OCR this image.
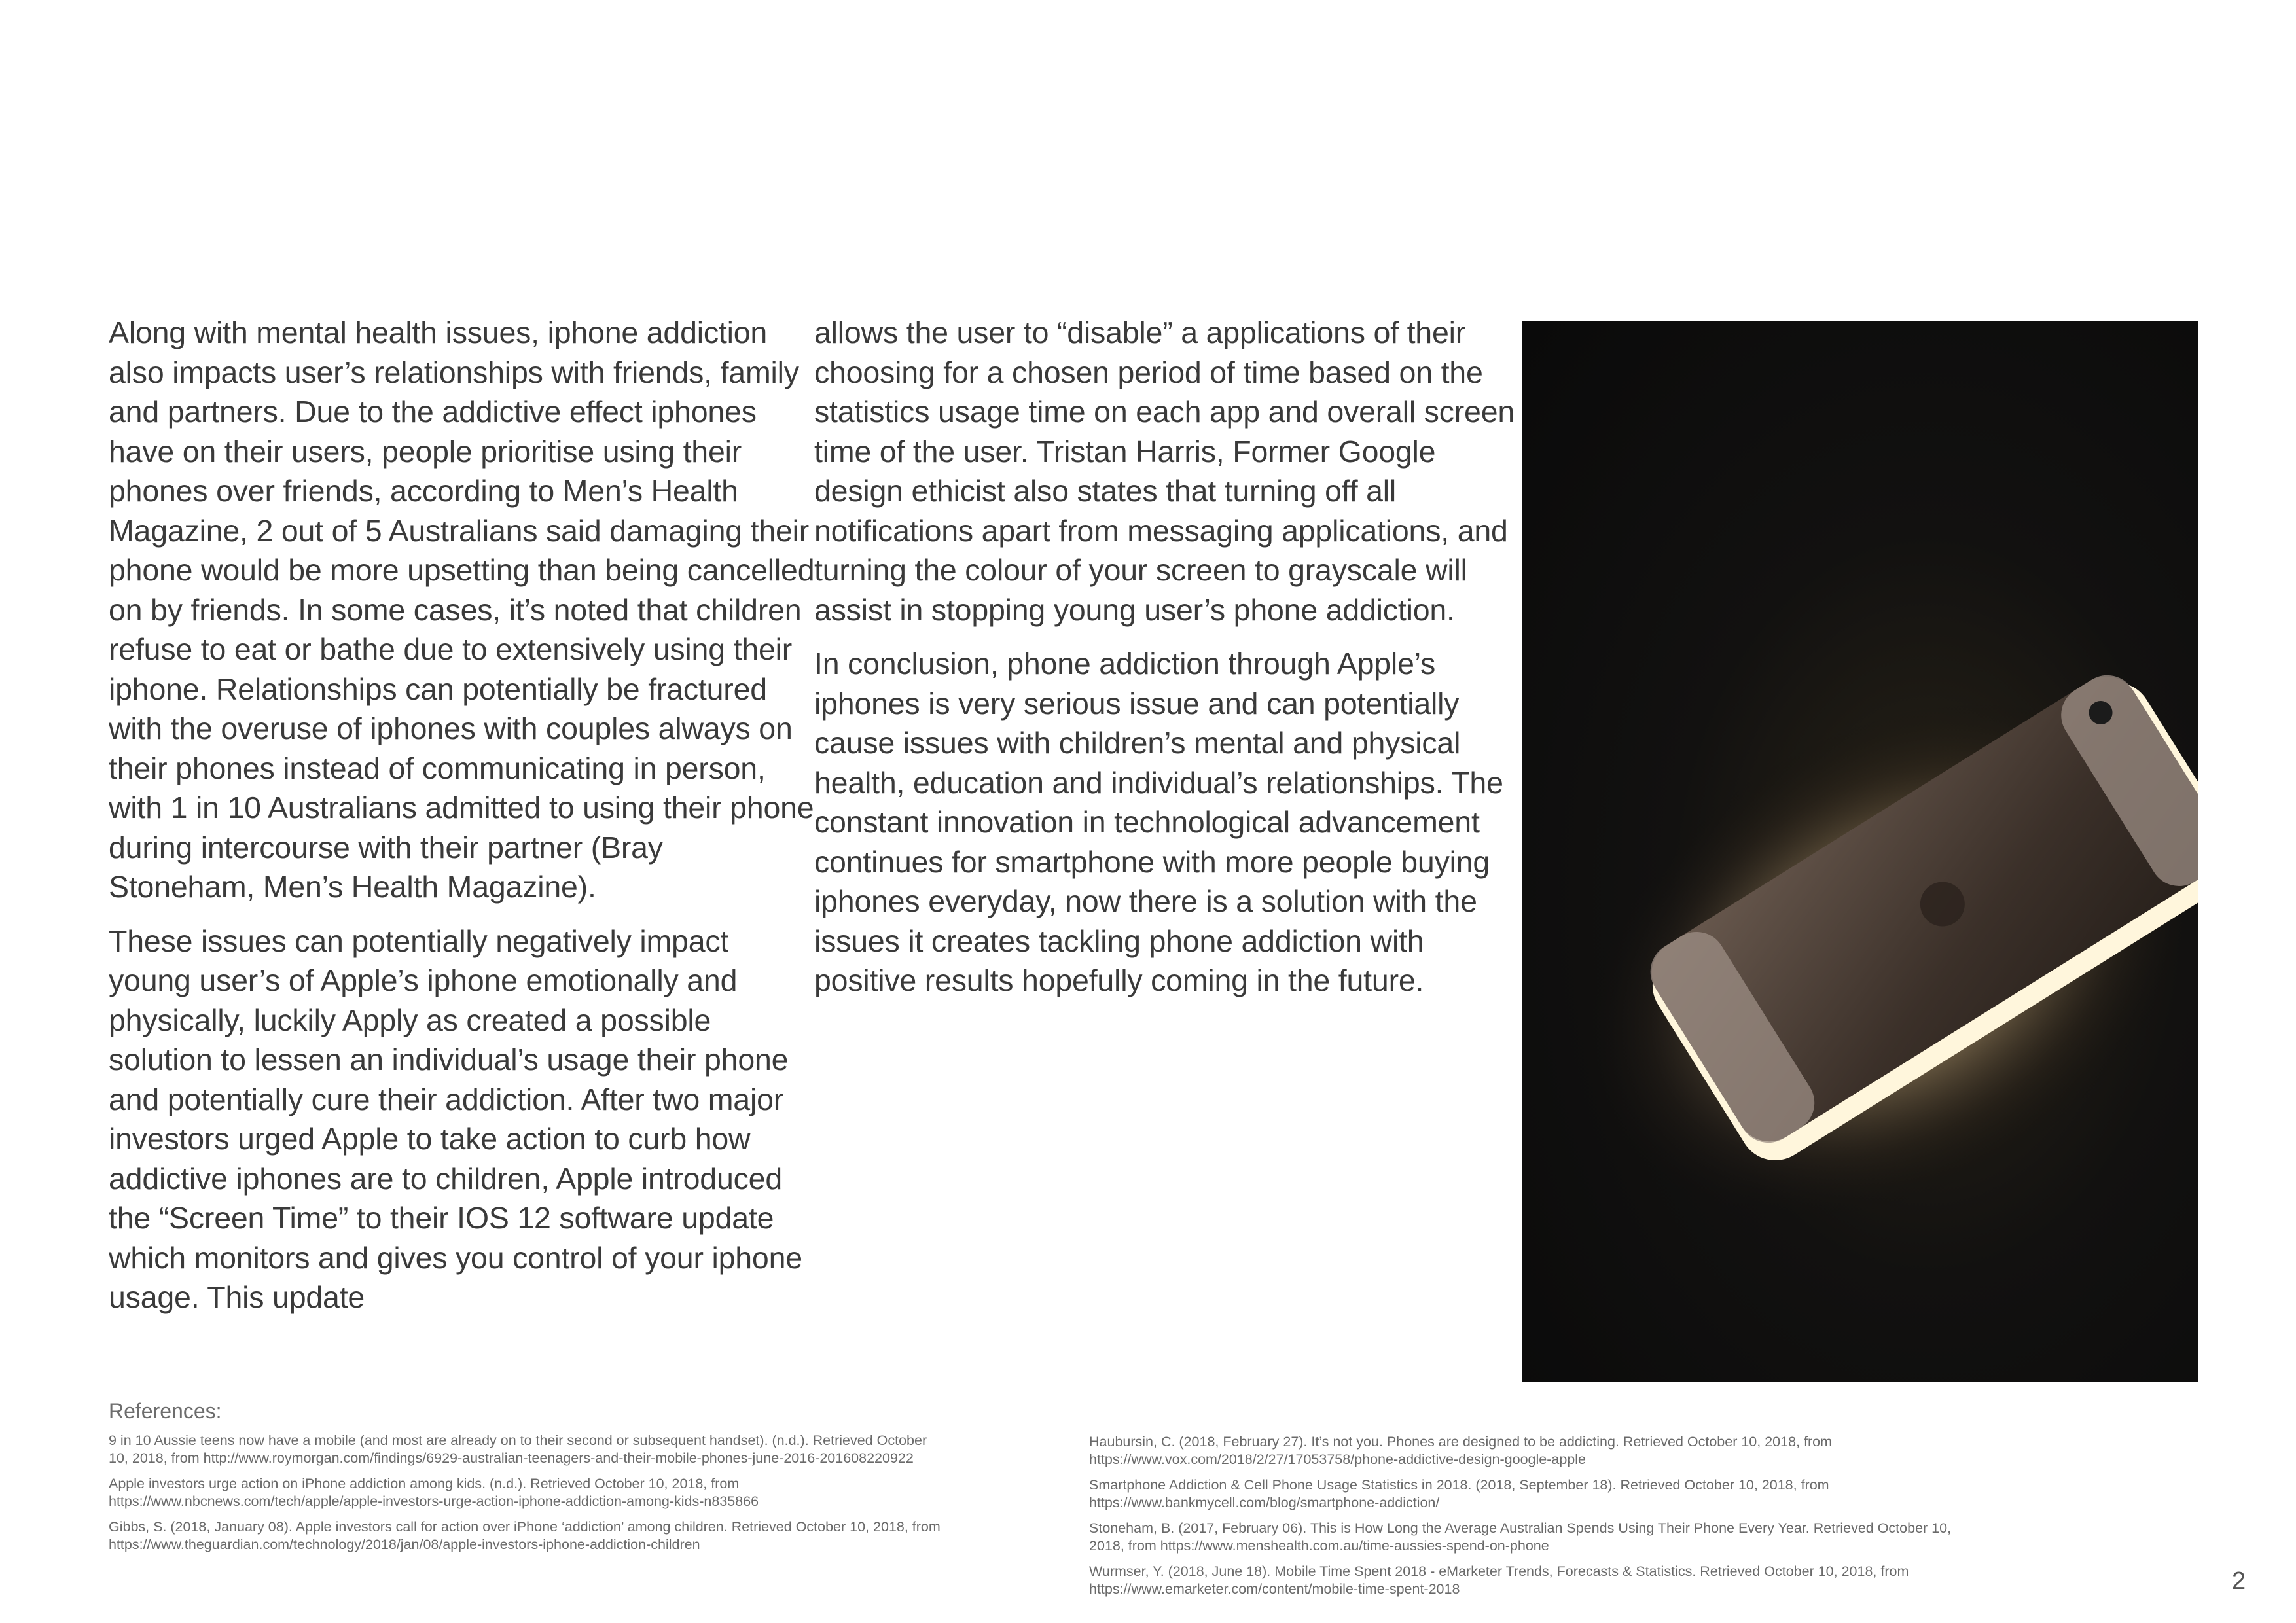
Along with mental health issues, iphone addiction also impacts user’s relationships with friends, family and partners. Due to the addictive effect iphones have on their users, people prioritise using their phones over friends, according to Men’s Health Magazine, 2 out of 5 Australians said damaging their phone would be more upsetting than being cancelled on by friends. In some cases, it’s noted that children refuse to eat or bathe due to extensively using their iphone. Relationships can potentially be fractured with the overuse of iphones with couples always on their phones instead of communicating in person, with 1 in 10 Australians admitted to using their phone during intercourse with their partner (Bray Stoneham, Men’s Health Magazine).

These issues can potentially negatively impact young user’s of Apple’s iphone emotionally and physically, luckily Apply as created a possible solution to lessen an individual’s usage their phone and potentially cure their addiction. After two major investors urged Apple to take action to curb how addictive iphones are to children, Apple introduced the “Screen Time” to their IOS 12 software update which monitors and gives you control of your iphone usage. This update

allows the user to “disable” a applications of their choosing for a chosen period of time based on the statistics usage time on each app and overall screen time of the user. Tristan Harris, Former Google design ethicist also states that turning off all notifications apart from messaging applications, and turning the colour of your screen to grayscale will assist in stopping young user’s phone addiction.

In conclusion, phone addiction through Apple’s iphones is very serious issue and can potentially cause issues with children’s mental and physical health, education and individual’s relationships. The constant innovation in technological advancement continues for smartphone with more people buying iphones everyday, now there is a solution with the issues it creates tackling phone addiction with positive results hopefully coming in the future.

References:

9 in 10 Aussie teens now have a mobile (and most are already on to their second or subsequent handset). (n.d.). Retrieved October 10, 2018, from http://www.roymorgan.com/findings/6929-australian-teenagers-and-their-mobile-phones-june-2016-201608220922

Apple investors urge action on iPhone addiction among kids. (n.d.). Retrieved October 10, 2018, from https://www.nbcnews.com/tech/apple/apple-investors-urge-action-iphone-addiction-among-kids-n835866

Gibbs, S. (2018, January 08). Apple investors call for action over iPhone ‘addiction’ among children. Retrieved October 10, 2018, from https://www.theguardian.com/technology/2018/jan/08/apple-investors-iphone-addiction-children

Haubursin, C. (2018, February 27). It’s not you. Phones are designed to be addicting. Retrieved October 10, 2018, from https://www.vox.com/2018/2/27/17053758/phone-addictive-design-google-apple

Smartphone Addiction & Cell Phone Usage Statistics in 2018. (2018, September 18). Retrieved October 10, 2018, from https://www.bankmycell.com/blog/smartphone-addiction/

Stoneham, B. (2017, February 06). This is How Long the Average Australian Spends Using Their Phone Every Year. Retrieved October 10, 2018, from https://www.menshealth.com.au/time-aussies-spend-on-phone

Wurmser, Y. (2018, June 18). Mobile Time Spent 2018 - eMarketer Trends, Forecasts & Statistics. Retrieved October 10, 2018, from https://www.emarketer.com/content/mobile-time-spent-2018	2
